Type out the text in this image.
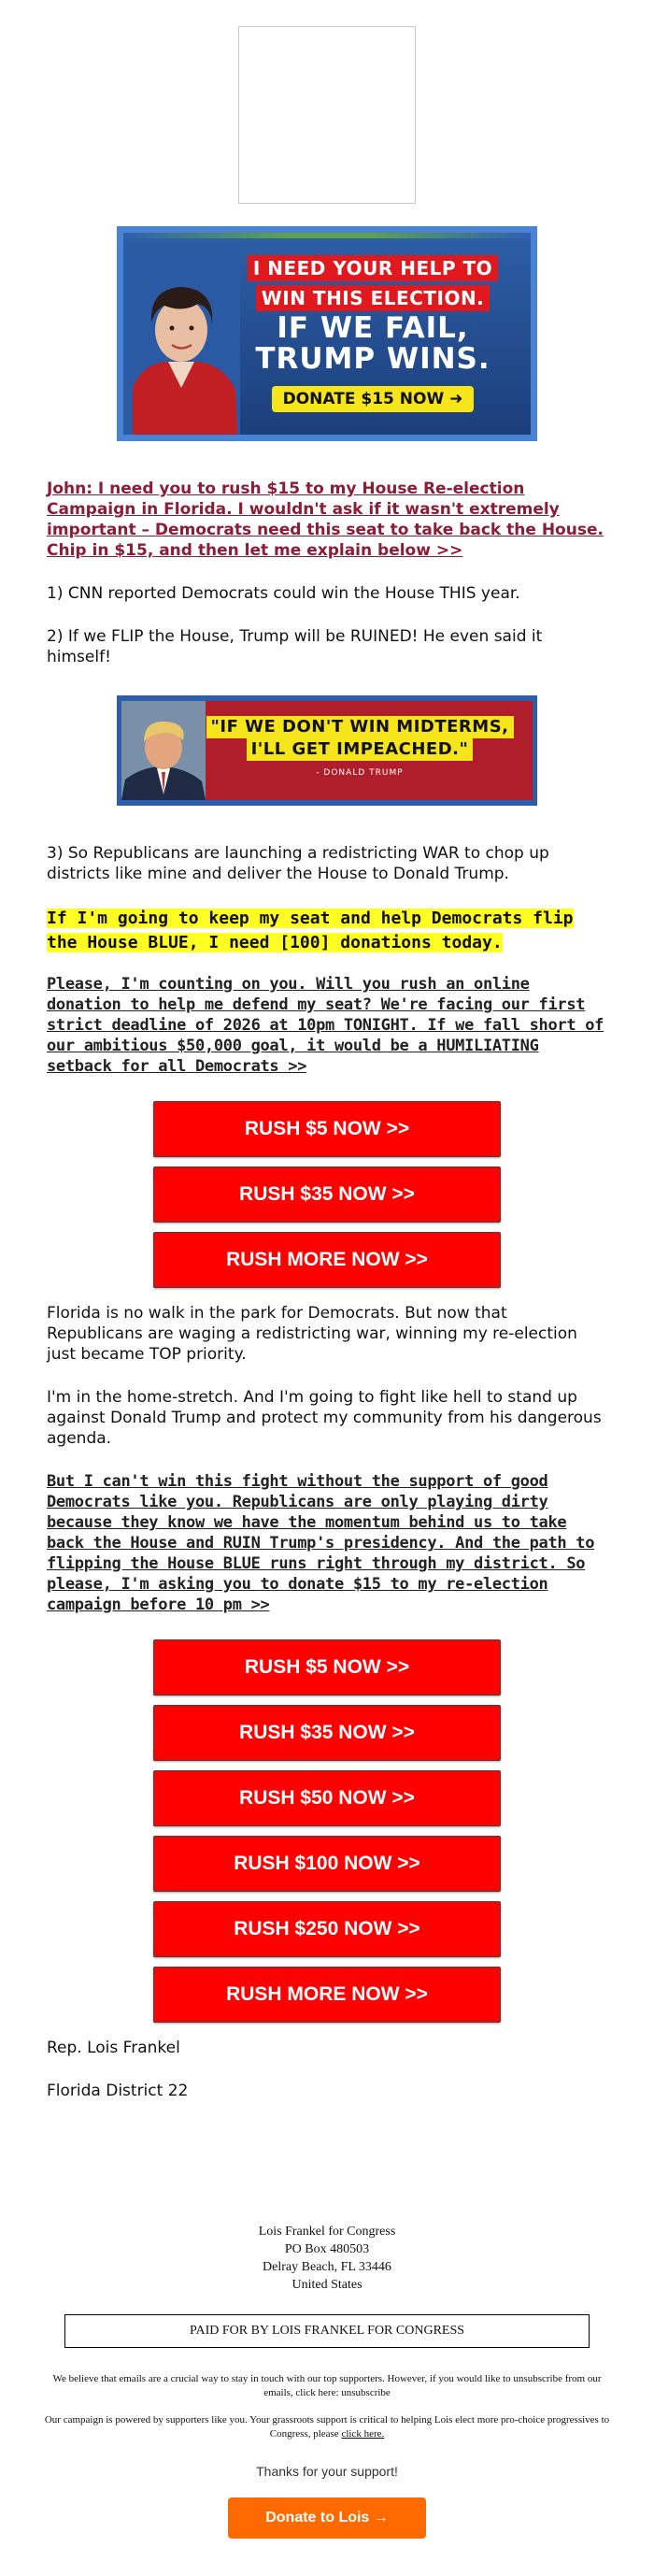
I NEED YOUR HELP TO
WIN THIS ELECTION.
IF WE FAIL,
TRUMP WINS.
DONATE $15 NOW ➜
John: I need you to rush $15 to my House Re-election Campaign in Florida. I wouldn't ask if it wasn't extremely important – Democrats need this seat to take back the House. Chip in $15, and then let me explain below >>

1) CNN reported Democrats could win the House THIS year.

2) If we FLIP the House, Trump will be RUINED! He even said it himself!

"IF WE DON'T WIN MIDTERMS,
I'LL GET IMPEACHED."
- DONALD TRUMP

3) So Republicans are launching a redistricting WAR to chop up districts like mine and deliver the House to Donald Trump.

If I'm going to keep my seat and help Democrats flip the House BLUE, I need [100] donations today.

Please, I'm counting on you. Will you rush an online donation to help me defend my seat? We're facing our first strict deadline of 2026 at 10pm TONIGHT. If we fall short of our ambitious $50,000 goal, it would be a HUMILIATING setback for all Democrats >>

RUSH $5 NOW >>
RUSH $35 NOW >>
RUSH MORE NOW >>

Florida is no walk in the park for Democrats. But now that Republicans are waging a redistricting war, winning my re-election just became TOP priority.

I'm in the home-stretch. And I'm going to fight like hell to stand up against Donald Trump and protect my community from his dangerous agenda.

But I can't win this fight without the support of good Democrats like you. Republicans are only playing dirty because they know we have the momentum behind us to take back the House and RUIN Trump's presidency. And the path to flipping the House BLUE runs right through my district. So please, I'm asking you to donate $15 to my re-election campaign before 10 pm >>

RUSH $5 NOW >>
RUSH $35 NOW >>
RUSH $50 NOW >>
RUSH $100 NOW >>
RUSH $250 NOW >>
RUSH MORE NOW >>

Rep. Lois Frankel

Florida District 22

Lois Frankel for Congress
PO Box 480503
Delray Beach, FL 33446
United States
PAID FOR BY LOIS FRANKEL FOR CONGRESS
We believe that emails are a crucial way to stay in touch with our top supporters. However, if you would like to unsubscribe from our emails, click here: unsubscribe
Our campaign is powered by supporters like you. Your grassroots support is critical to helping Lois elect more pro-choice progressives to Congress, please click here.
Thanks for your support!
Donate to Lois →
